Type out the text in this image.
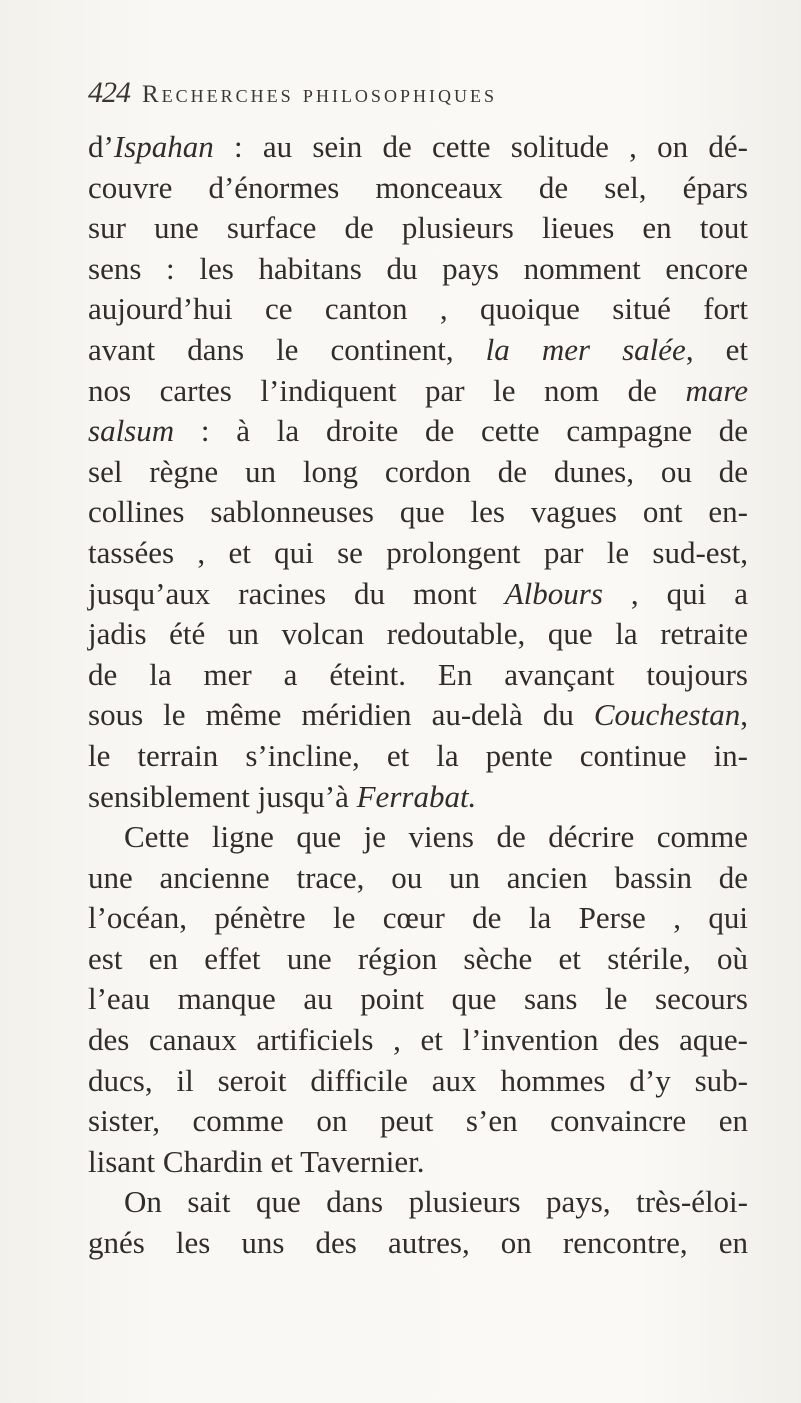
424 Recherches philosophiques
d’Ispahan : au sein de cette solitude , on dé-
couvre d’énormes monceaux de sel, épars
sur une surface de plusieurs lieues en tout
sens : les habitans du pays nomment encore
aujourd’hui ce canton , quoique situé fort
avant dans le continent, la mer salée, et
nos cartes l’indiquent par le nom de mare
salsum : à la droite de cette campagne de
sel règne un long cordon de dunes, ou de
collines sablonneuses que les vagues ont en-
tassées , et qui se prolongent par le sud-est,
jusqu’aux racines du mont Albours , qui a
jadis été un volcan redoutable, que la retraite
de la mer a éteint. En avançant toujours
sous le même méridien au-delà du Couchestan,
le terrain s’incline, et la pente continue in-
sensiblement jusqu’à Ferrabat.
Cette ligne que je viens de décrire comme
une ancienne trace, ou un ancien bassin de
l’océan, pénètre le cœur de la Perse , qui
est en effet une région sèche et stérile, où
l’eau manque au point que sans le secours
des canaux artificiels , et l’invention des aque-
ducs, il seroit difficile aux hommes d’y sub-
sister, comme on peut s’en convaincre en
lisant Chardin et Tavernier.
On sait que dans plusieurs pays, très-éloi-
gnés les uns des autres, on rencontre, en
